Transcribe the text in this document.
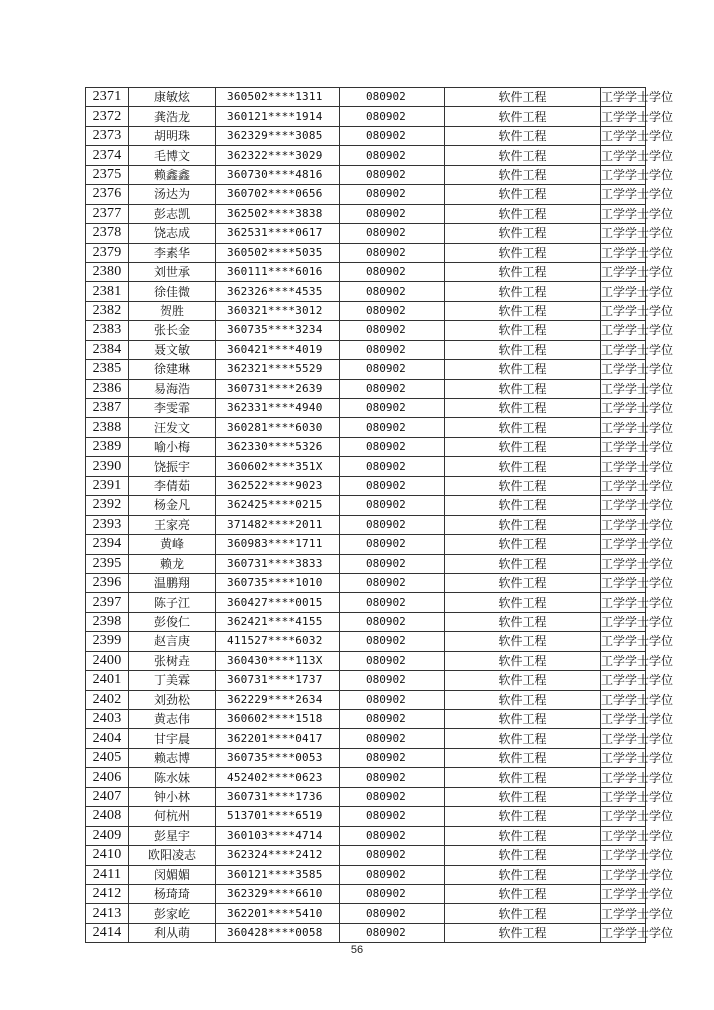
2371	康敏炫	360502****1311	080902	软件工程	工学学士学位
2372	龚浩龙	360121****1914	080902	软件工程	工学学士学位
2373	胡明珠	362329****3085	080902	软件工程	工学学士学位
2374	毛博文	362322****3029	080902	软件工程	工学学士学位
2375	赖鑫鑫	360730****4816	080902	软件工程	工学学士学位
2376	汤达为	360702****0656	080902	软件工程	工学学士学位
2377	彭志凯	362502****3838	080902	软件工程	工学学士学位
2378	饶志成	362531****0617	080902	软件工程	工学学士学位
2379	李素华	360502****5035	080902	软件工程	工学学士学位
2380	刘世承	360111****6016	080902	软件工程	工学学士学位
2381	徐佳微	362326****4535	080902	软件工程	工学学士学位
2382	贺胜	360321****3012	080902	软件工程	工学学士学位
2383	张长金	360735****3234	080902	软件工程	工学学士学位
2384	聂文敏	360421****4019	080902	软件工程	工学学士学位
2385	徐建琳	362321****5529	080902	软件工程	工学学士学位
2386	易海浩	360731****2639	080902	软件工程	工学学士学位
2387	李雯霏	362331****4940	080902	软件工程	工学学士学位
2388	汪发文	360281****6030	080902	软件工程	工学学士学位
2389	喻小梅	362330****5326	080902	软件工程	工学学士学位
2390	饶振宇	360602****351X	080902	软件工程	工学学士学位
2391	李倩茹	362522****9023	080902	软件工程	工学学士学位
2392	杨金凡	362425****0215	080902	软件工程	工学学士学位
2393	王家亮	371482****2011	080902	软件工程	工学学士学位
2394	黄峰	360983****1711	080902	软件工程	工学学士学位
2395	赖龙	360731****3833	080902	软件工程	工学学士学位
2396	温鹏翔	360735****1010	080902	软件工程	工学学士学位
2397	陈子江	360427****0015	080902	软件工程	工学学士学位
2398	彭俊仁	362421****4155	080902	软件工程	工学学士学位
2399	赵言庚	411527****6032	080902	软件工程	工学学士学位
2400	张树垚	360430****113X	080902	软件工程	工学学士学位
2401	丁美霖	360731****1737	080902	软件工程	工学学士学位
2402	刘劲松	362229****2634	080902	软件工程	工学学士学位
2403	黄志伟	360602****1518	080902	软件工程	工学学士学位
2404	甘宇晨	362201****0417	080902	软件工程	工学学士学位
2405	赖志博	360735****0053	080902	软件工程	工学学士学位
2406	陈水妹	452402****0623	080902	软件工程	工学学士学位
2407	钟小林	360731****1736	080902	软件工程	工学学士学位
2408	何杭州	513701****6519	080902	软件工程	工学学士学位
2409	彭星宇	360103****4714	080902	软件工程	工学学士学位
2410	欧阳凌志	362324****2412	080902	软件工程	工学学士学位
2411	闵媚媚	360121****3585	080902	软件工程	工学学士学位
2412	杨琦琦	362329****6610	080902	软件工程	工学学士学位
2413	彭家屹	362201****5410	080902	软件工程	工学学士学位
2414	利从萌	360428****0058	080902	软件工程	工学学士学位
56
